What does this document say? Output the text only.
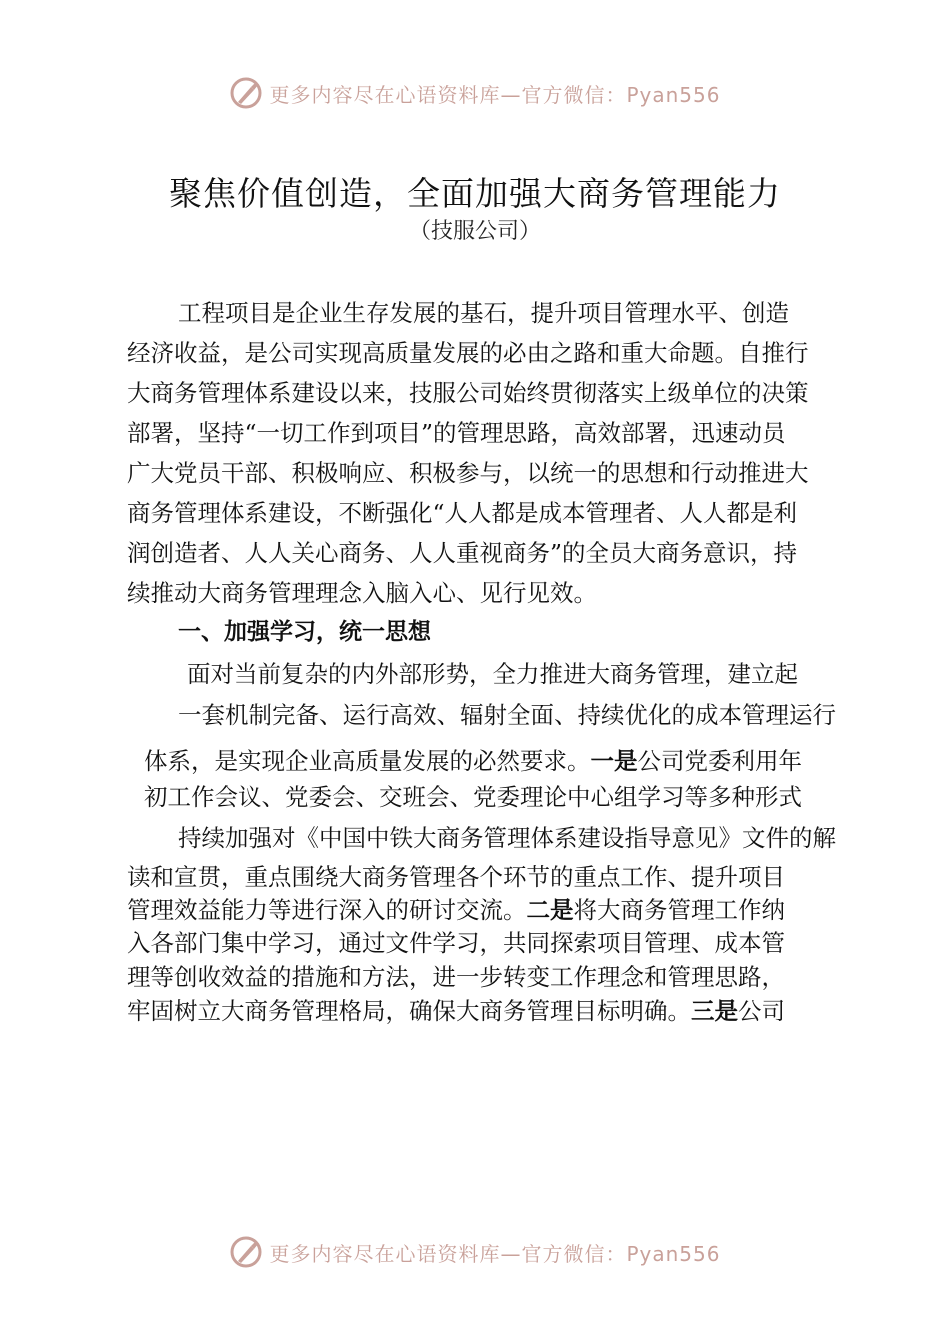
更多内容尽在心语资料库—官方微信：Pyan556
聚焦价值创造，全面加强大商务管理能力
（技服公司）
工程项目是企业生存发展的基石，提升项目管理水平、创造
经济收益，是公司实现高质量发展的必由之路和重大命题。自推行
大商务管理体系建设以来，技服公司始终贯彻落实上级单位的决策
部署，坚持“一切工作到项目”的管理思路，高效部署，迅速动员
广大党员干部、积极响应、积极参与，以统一的思想和行动推进大
商务管理体系建设，不断强化“人人都是成本管理者、人人都是利
润创造者、人人关心商务、人人重视商务”的全员大商务意识，持
续推动大商务管理理念入脑入心、见行见效。
一、加强学习，统一思想
面对当前复杂的内外部形势，全力推进大商务管理，建立起
一套机制完备、运行高效、辐射全面、持续优化的成本管理运行
体系，是实现企业高质量发展的必然要求。一是公司党委利用年
初工作会议、党委会、交班会、党委理论中心组学习等多种形式
持续加强对《中国中铁大商务管理体系建设指导意见》文件的解
读和宣贯，重点围绕大商务管理各个环节的重点工作、提升项目
管理效益能力等进行深入的研讨交流。二是将大商务管理工作纳
入各部门集中学习，通过文件学习，共同探索项目管理、成本管
理等创收效益的措施和方法，进一步转变工作理念和管理思路，
牢固树立大商务管理格局，确保大商务管理目标明确。三是公司
更多内容尽在心语资料库—官方微信：Pyan556
